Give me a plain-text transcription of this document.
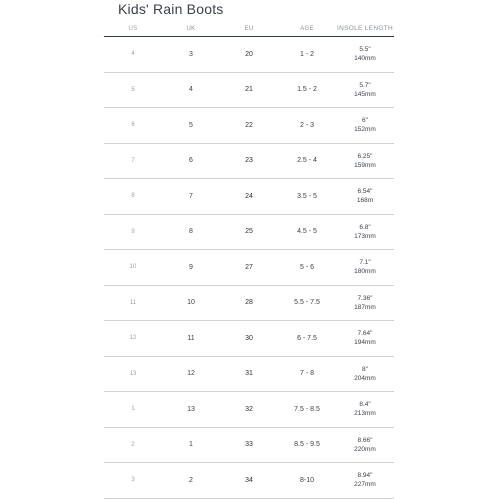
Kids' Rain Boots
US	UK	EU	AGE	INSOLE LENGTH
4	3	20	1 - 2
5.5"
140mm
5	4	21	1.5 - 2
5.7"
145mm
6	5	22	2 - 3
6"
152mm
7	6	23	2.5 - 4
6.25"
159mm
8	7	24	3.5 - 5
6.54"
168m
9	8	25	4.5 - 5
6.8"
173mm
10	9	27	5 - 6
7.1"
180mm
11	10	28	5.5 - 7.5
7.36"
187mm
12	11	30	6 - 7.5
7.64"
194mm
13	12	31	7 - 8
8"
204mm
1	13	32	7.5 - 8.5
8.4"
213mm
2	1	33	8.5 - 9.5
8.66"
220mm
3	2	34	8-10
8.94"
227mm
